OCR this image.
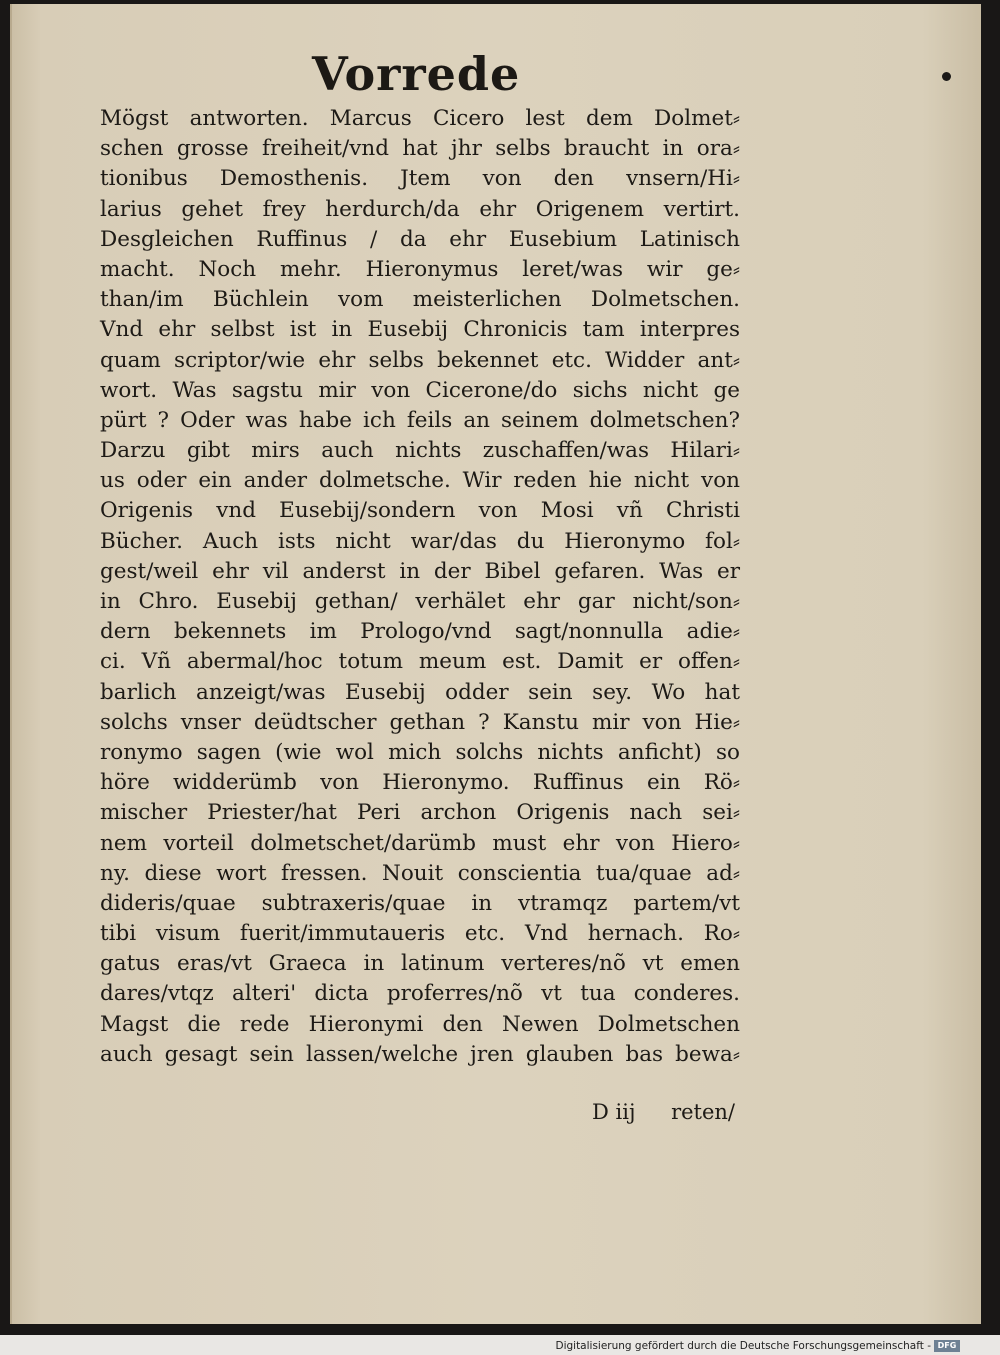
Vorrede
Mögst antworten. Marcus Cicero lest dem Dolmet⸗
schen grosse freiheit/vnd hat jhr selbs braucht in ora⸗
tionibus Demosthenis. Jtem von den vnsern/Hi⸗
larius gehet frey herdurch/da ehr Origenem vertirt.
Desgleichen Ruffinus / da ehr Eusebium Latinisch
macht. Noch mehr. Hieronymus leret/was wir ge⸗
than/im Büchlein vom meisterlichen Dolmetschen.
Vnd ehr selbst ist in Eusebij Chronicis tam interpres
quam scriptor/wie ehr selbs bekennet etc. Widder ant⸗
wort. Was sagstu mir von Cicerone/do sichs nicht ge
pürt ? Oder was habe ich feils an seinem dolmetschen?
Darzu gibt mirs auch nichts zuschaffen/was Hilari⸗
us oder ein ander dolmetsche. Wir reden hie nicht von
Origenis vnd Eusebij/sondern von Mosi vñ Christi
Bücher. Auch ists nicht war/das du Hieronymo fol⸗
gest/weil ehr vil anderst in der Bibel gefaren. Was er
in Chro. Eusebij gethan/ verhälet ehr gar nicht/son⸗
dern bekennets im Prologo/vnd sagt/nonnulla adie⸗
ci. Vñ abermal/hoc totum meum est. Damit er offen⸗
barlich anzeigt/was Eusebij odder sein sey. Wo hat
solchs vnser deüdtscher gethan ? Kanstu mir von Hie⸗
ronymo sagen (wie wol mich solchs nichts anficht) so
höre widderümb von Hieronymo. Ruffinus ein Rö⸗
mischer Priester/hat Peri archon Origenis nach sei⸗
nem vorteil dolmetschet/darümb must ehr von Hiero⸗
ny. diese wort fressen. Nouit conscientia tua/quae ad⸗
dideris/quae subtraxeris/quae in vtramqz partem/vt
tibi visum fuerit/immutaueris etc. Vnd hernach. Ro⸗
gatus eras/vt Graeca in latinum verteres/nõ vt emen
dares/vtqz alteri' dicta proferres/nõ vt tua conderes.
Magst die rede Hieronymi den Newen Dolmetschen
auch gesagt sein lassen/welche jren glauben bas bewa⸗
D iij	reten/
Digitalisierung gefördert durch die Deutsche Forschungsgemeinschaft - DFG
